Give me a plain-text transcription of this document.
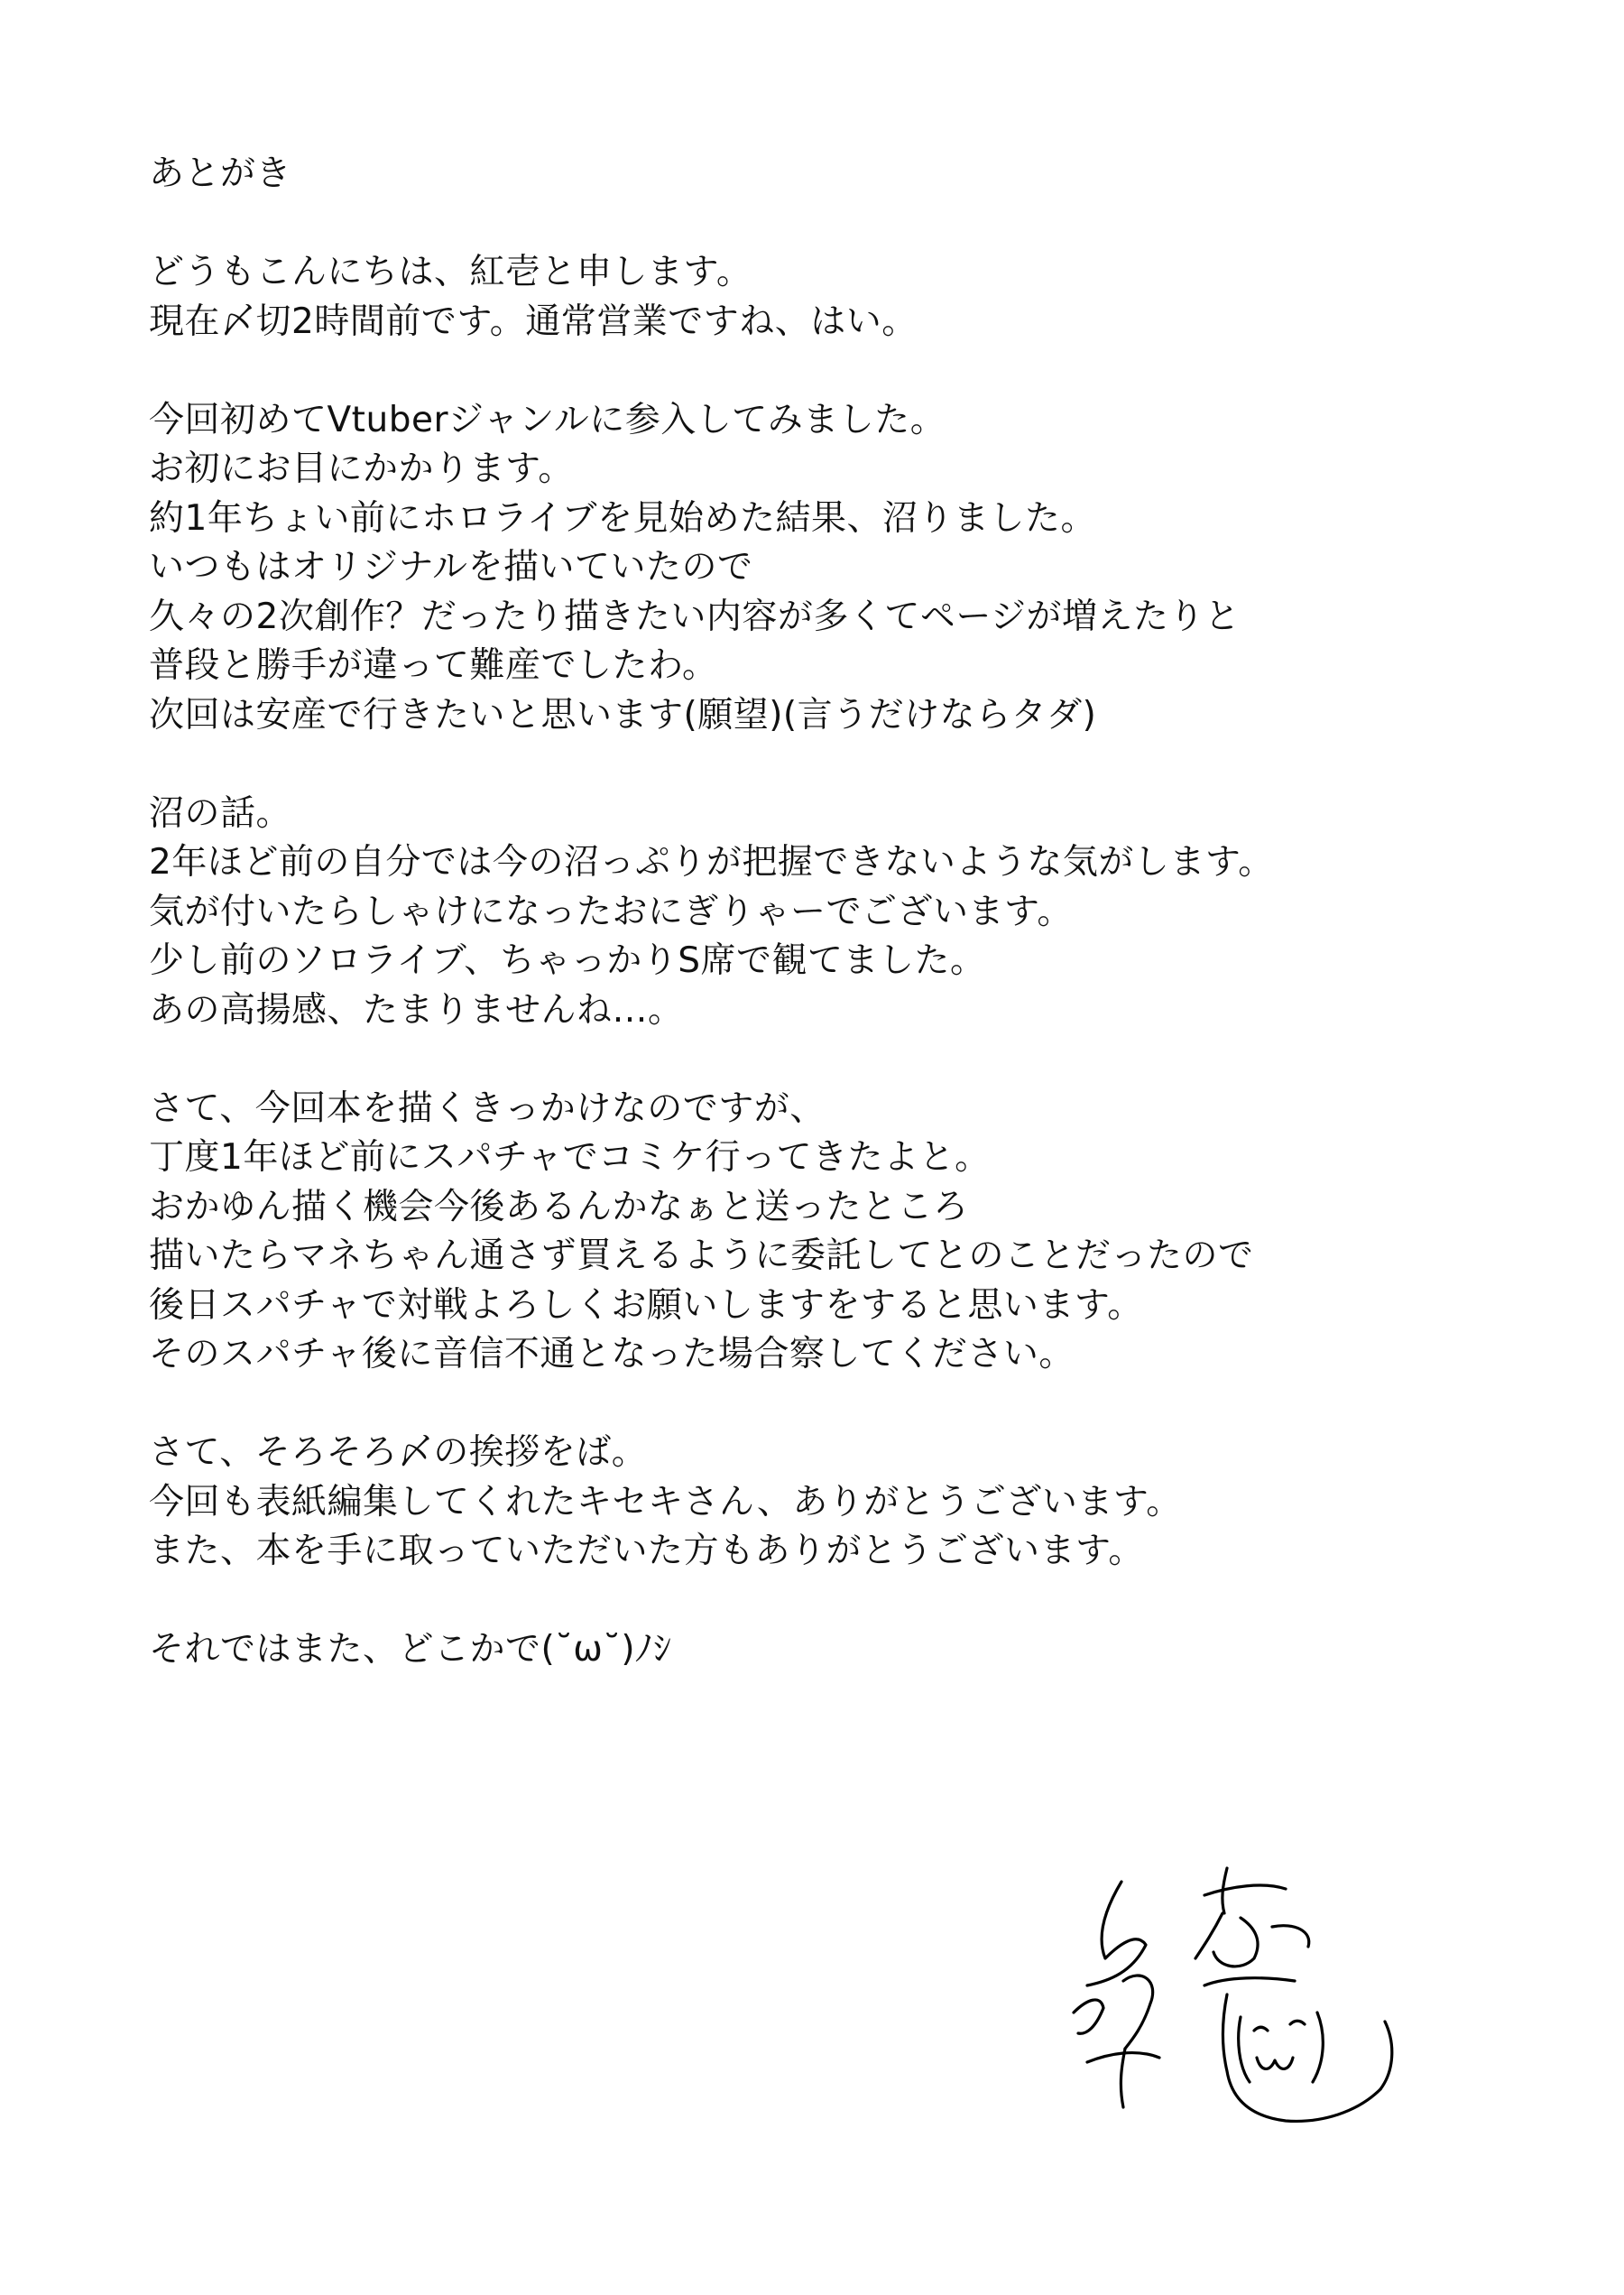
あとがき
どうもこんにちは、紅壱と申します。
現在〆切2時間前です。通常営業ですね、はい。
今回初めてVtuberジャンルに参入してみました。
お初にお目にかかります。
約1年ちょい前にホロライブを見始めた結果、沼りました。
いつもはオリジナルを描いていたので
久々の2次創作？だったり描きたい内容が多くてページが増えたりと
普段と勝手が違って難産でしたわ。
次回は安産で行きたいと思います(願望)(言うだけならタダ)
沼の話。
2年ほど前の自分では今の沼っぷりが把握できないような気がします。
気が付いたらしゃけになったおにぎりゃーでございます。
少し前のソロライブ、ちゃっかりS席で観てました。
あの高揚感、たまりませんね…。
さて、今回本を描くきっかけなのですが、
丁度1年ほど前にスパチャでコミケ行ってきたよと。
おかゆん描く機会今後あるんかなぁと送ったところ
描いたらマネちゃん通さず買えるように委託してとのことだったので
後日スパチャで対戦よろしくお願いしますをすると思います。
そのスパチャ後に音信不通となった場合察してください。
さて、そろそろ〆の挨拶をば。
今回も表紙編集してくれたキセキさん、ありがとうございます。
また、本を手に取っていただいた方もありがとうございます。
それではまた、どこかで(˘ω˘)ﾉｼ
